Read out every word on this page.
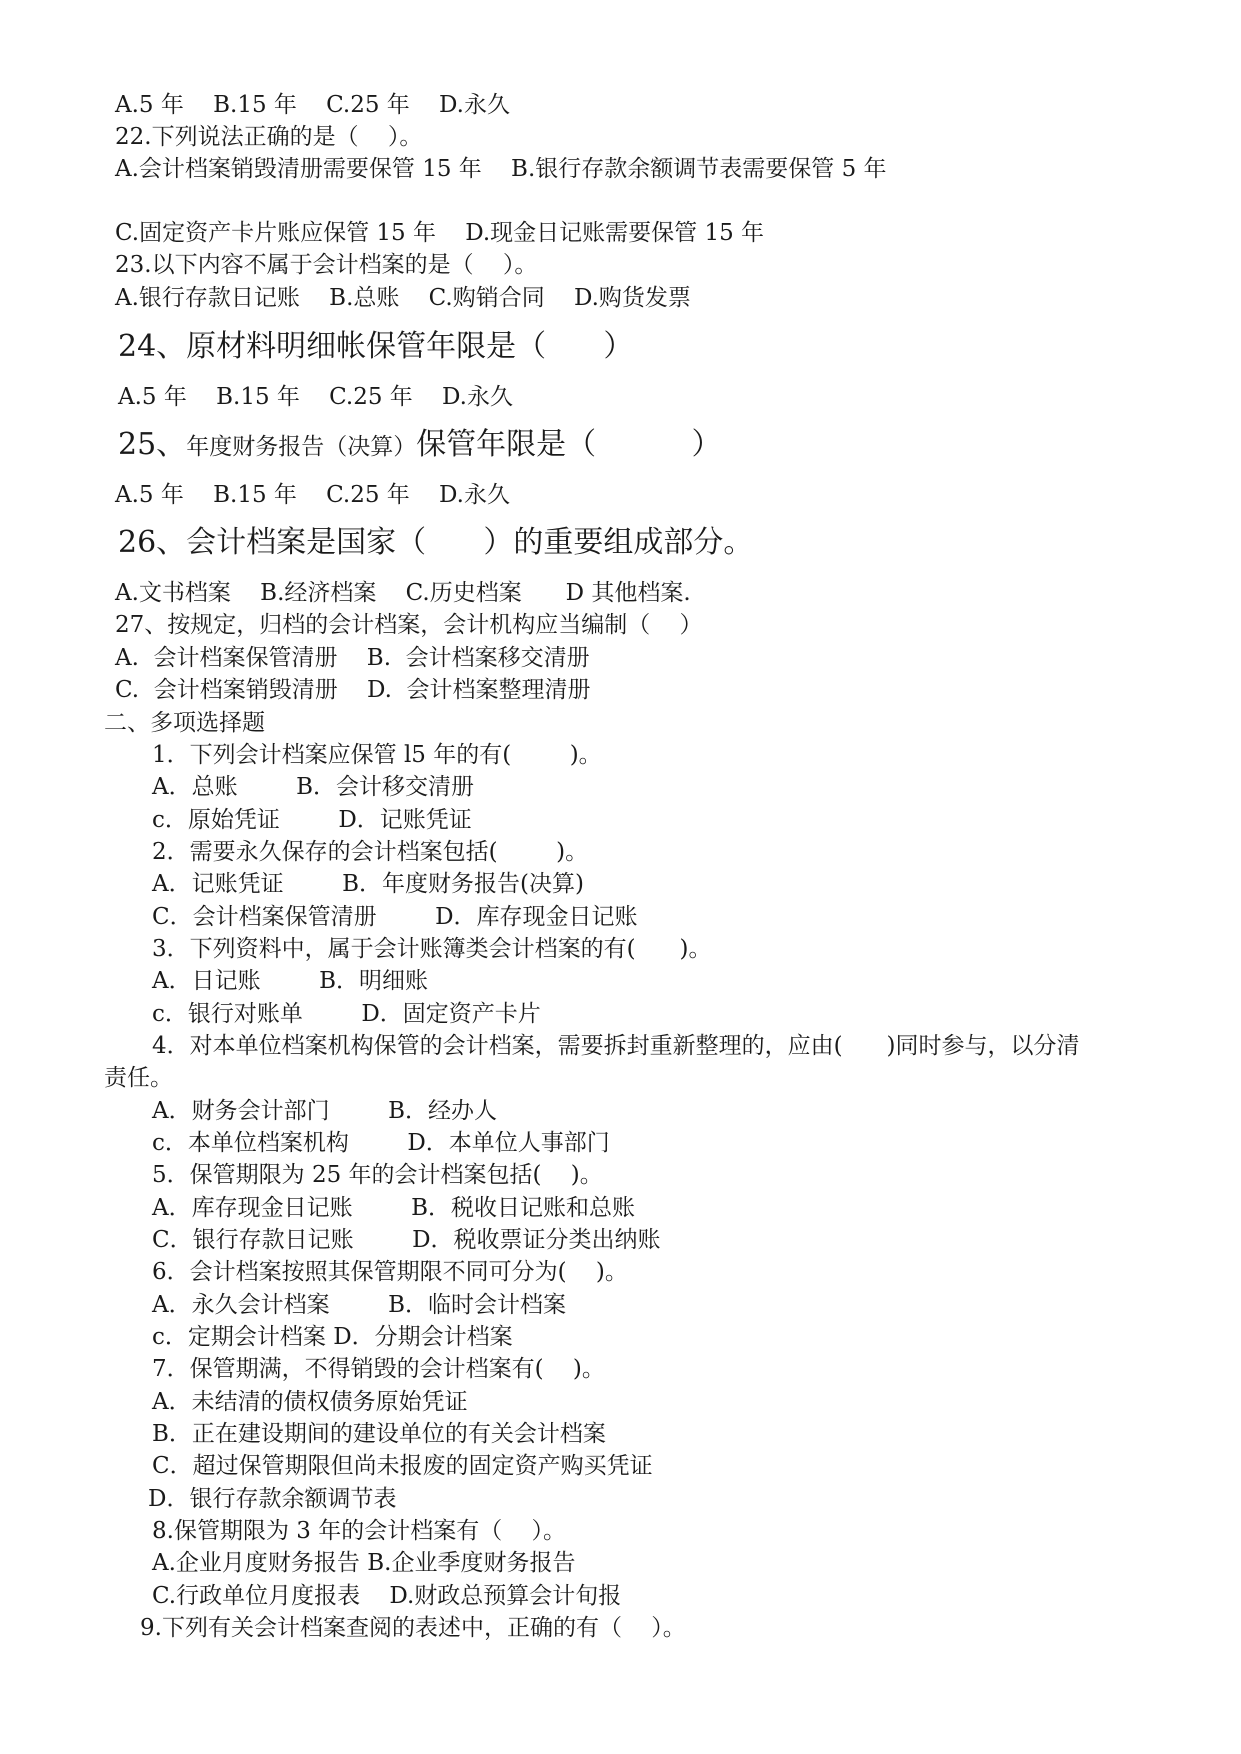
A.5 年    B.15 年    C.25 年    D.永久
22.下列说法正确的是（    ）。
A.会计档案销毁清册需要保管 15 年    B.银行存款余额调节表需要保管 5 年
C.固定资产卡片账应保管 15 年    D.现金日记账需要保管 15 年
23.以下内容不属于会计档案的是（    ）。
A.银行存款日记账    B.总账    C.购销合同    D.购货发票
24、原材料明细帐保管年限是（      ）
A.5 年    B.15 年    C.25 年    D.永久
25、年度财务报告（决算）保管年限是（          ）
A.5 年    B.15 年    C.25 年    D.永久
26、会计档案是国家（      ）的重要组成部分。
A.文书档案    B.经济档案    C.历史档案      D 其他档案.
27、按规定，归档的会计档案，会计机构应当编制（    ）
A.  会计档案保管清册    B.  会计档案移交清册
C.  会计档案销毁清册    D.  会计档案整理清册
二、多项选择题
1．下列会计档案应保管 l5 年的有(        )。
A．总账        B．会计移交清册
c．原始凭证        D．记账凭证
2．需要永久保存的会计档案包括(        )。
A．记账凭证        B．年度财务报告(决算)
C．会计档案保管清册        D．库存现金日记账
3．下列资料中，属于会计账簿类会计档案的有(      )。
A．日记账        B．明细账
c．银行对账单        D．固定资产卡片
4．对本单位档案机构保管的会计档案，需要拆封重新整理的，应由(      )同时参与，以分清
责任。
A．财务会计部门        B．经办人
c．本单位档案机构        D．本单位人事部门
5．保管期限为 25 年的会计档案包括(    )。
A．库存现金日记账        B．税收日记账和总账
C．银行存款日记账        D．税收票证分类出纳账
6．会计档案按照其保管期限不同可分为(    )。
A．永久会计档案        B．临时会计档案
c．定期会计档案 D．分期会计档案
7．保管期满，不得销毁的会计档案有(    )。
A．未结清的债权债务原始凭证
B．正在建设期间的建设单位的有关会计档案
C．超过保管期限但尚未报废的固定资产购买凭证
D．银行存款余额调节表
8.保管期限为 3 年的会计档案有（    ）。
A.企业月度财务报告 B.企业季度财务报告
C.行政单位月度报表    D.财政总预算会计旬报
9.下列有关会计档案查阅的表述中，正确的有（    ）。
